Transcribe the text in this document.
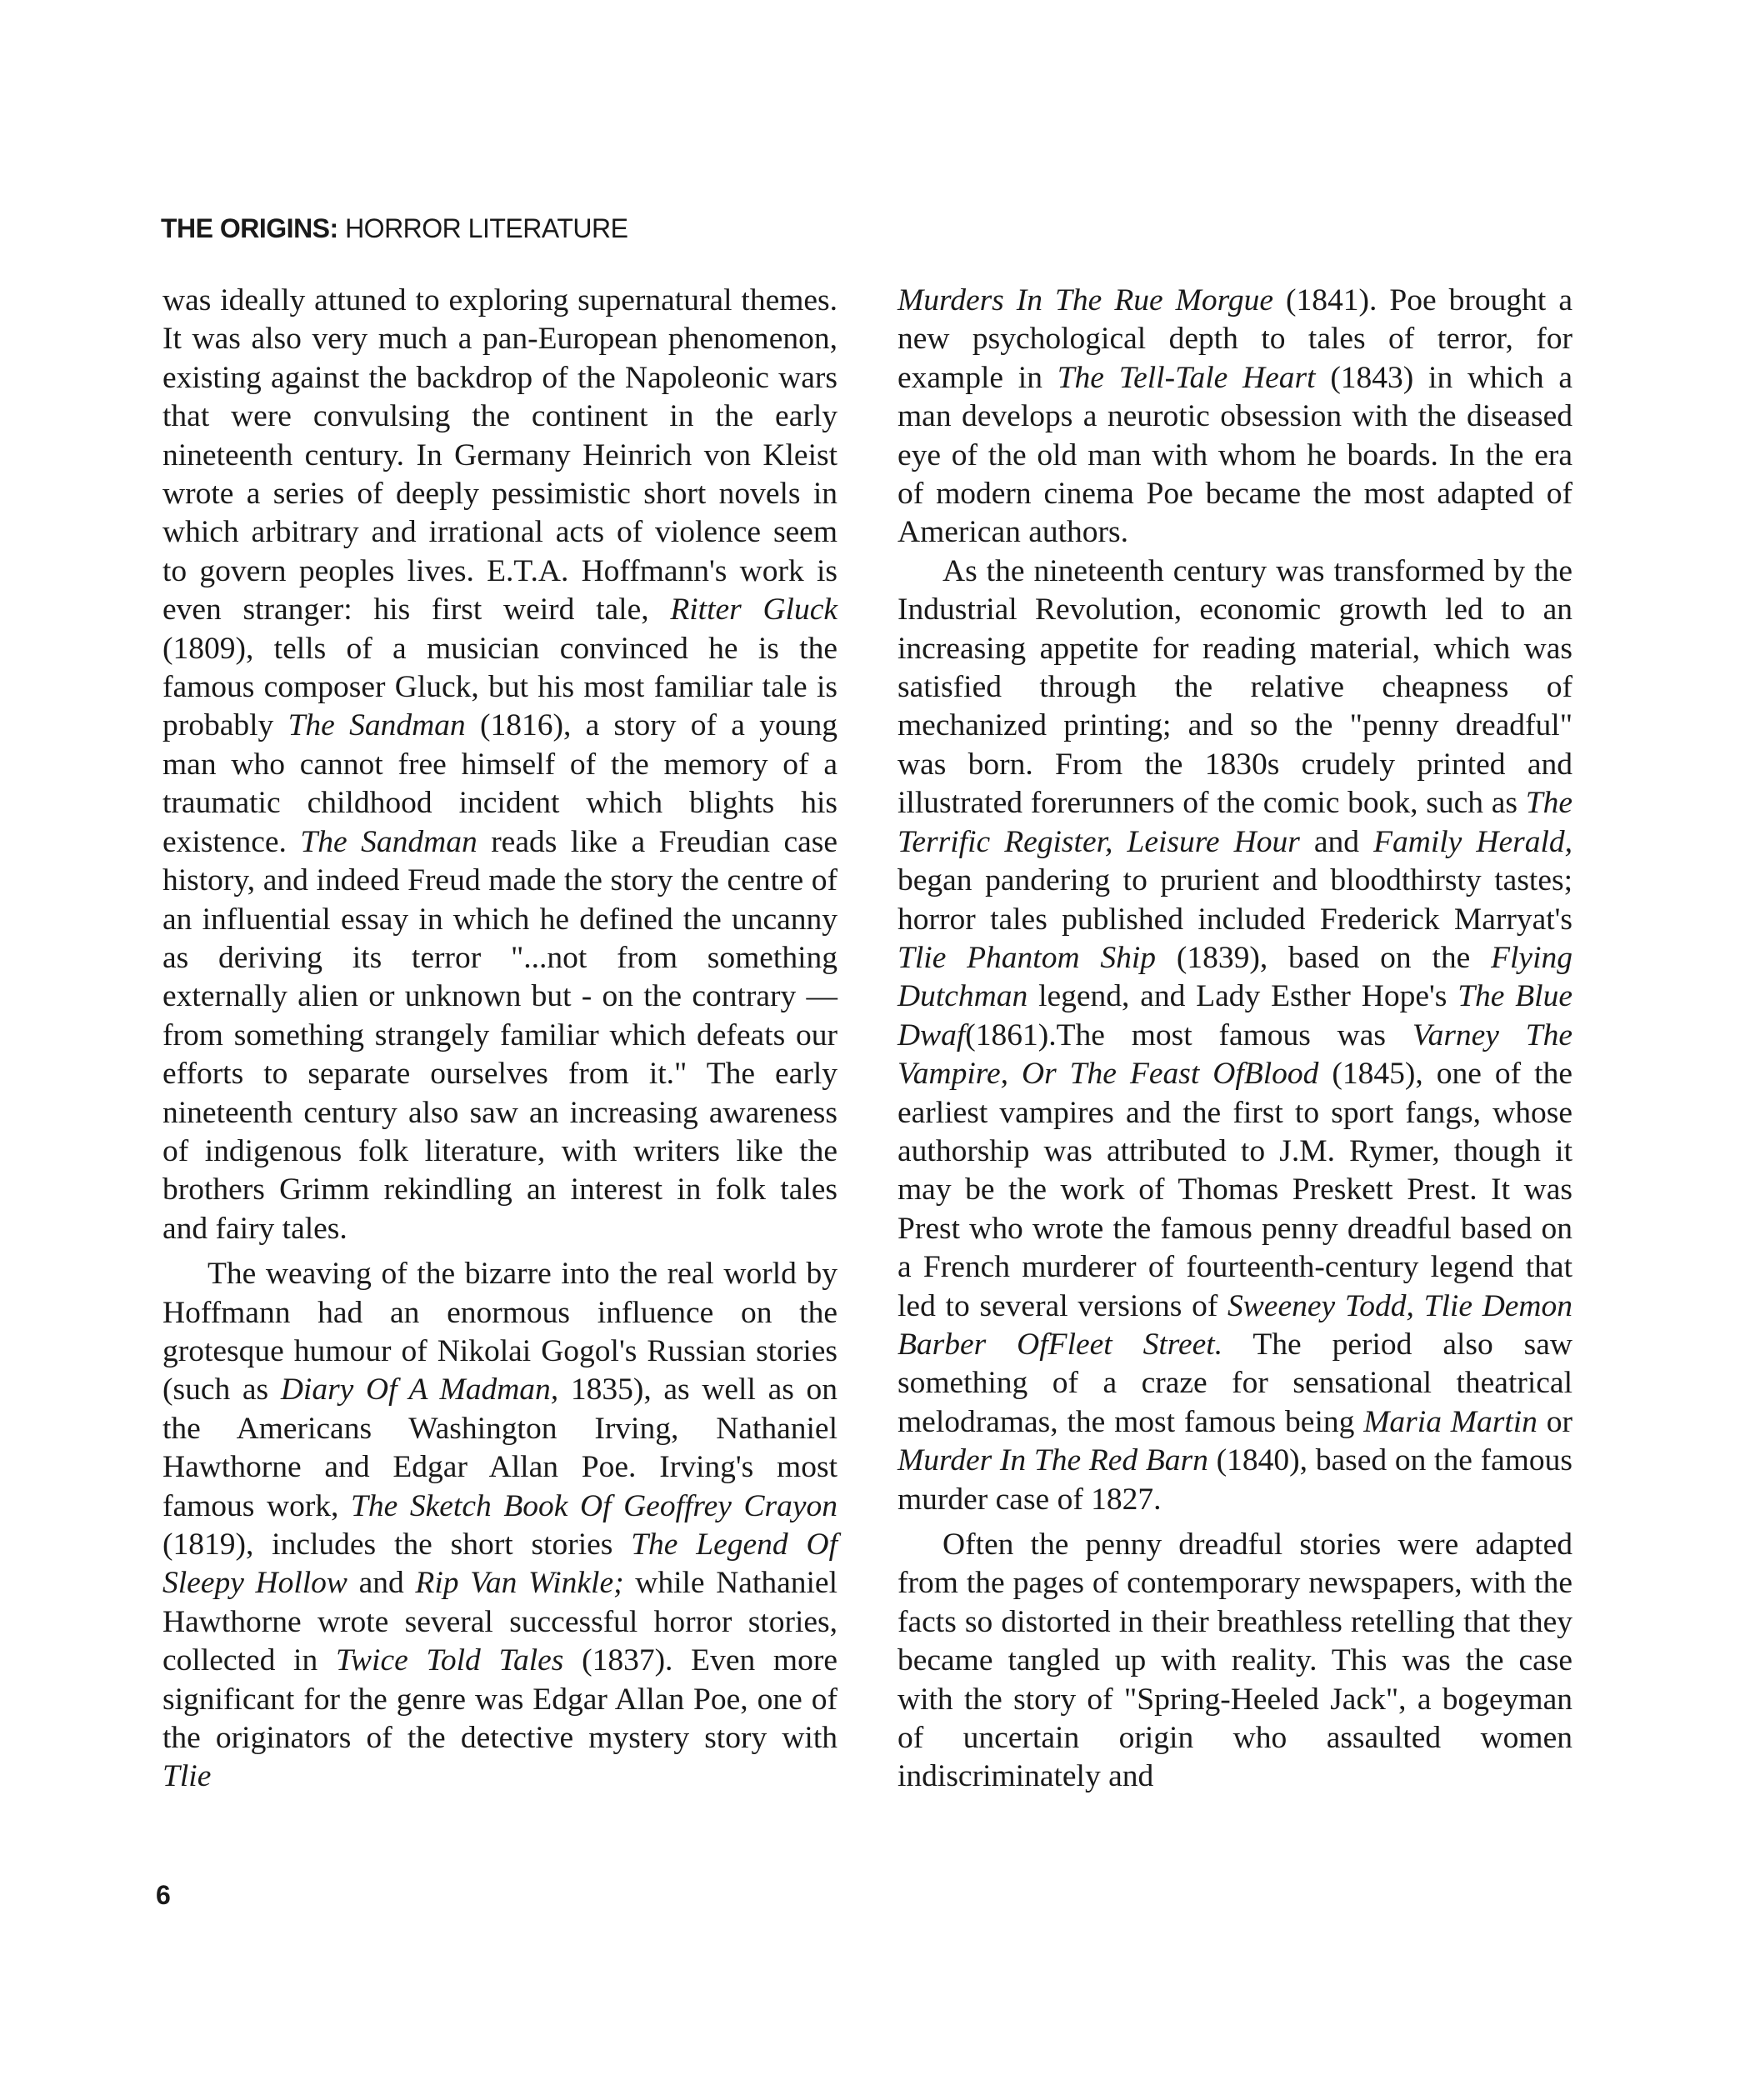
THE ORIGINS: HORROR LITERATURE

was ideally attuned to exploring supernatural themes. It was also very much a pan-European phenomenon, existing against the backdrop of the Napoleonic wars that were convulsing the continent in the early nineteenth century. In Germany Heinrich von Kleist wrote a series of deeply pessimistic short novels in which arbitrary and irrational acts of violence seem to govern peoples lives. E.T.A. Hoffmann's work is even stranger: his first weird tale, Ritter Gluck (1809), tells of a musician convinced he is the famous composer Gluck, but his most familiar tale is probably The Sandman (1816), a story of a young man who cannot free himself of the memory of a traumatic childhood incident which blights his existence. The Sandman reads like a Freudian case history, and indeed Freud made the story the centre of an influential essay in which he defined the uncanny as deriving its terror "...not from something externally alien or unknown but - on the contrary — from something strangely familiar which defeats our efforts to separate ourselves from it." The early nineteenth century also saw an increasing awareness of indigenous folk literature, with writers like the brothers Grimm rekindling an interest in folk tales and fairy tales.

The weaving of the bizarre into the real world by Hoffmann had an enormous influence on the grotesque humour of Nikolai Gogol's Russian stories (such as Diary Of A Madman, 1835), as well as on the Americans Washington Irving, Nathaniel Hawthorne and Edgar Allan Poe. Irving's most famous work, The Sketch Book Of Geoffrey Crayon (1819), includes the short stories The Legend Of Sleepy Hollow and Rip Van Winkle; while Nathaniel Hawthorne wrote several successful horror stories, collected in Twice Told Tales (1837). Even more significant for the genre was Edgar Allan Poe, one of the originators of the detective mystery story with Tlie

Murders In The Rue Morgue (1841). Poe brought a new psychological depth to tales of terror, for example in The Tell-Tale Heart (1843) in which a man develops a neurotic obsession with the diseased eye of the old man with whom he boards. In the era of modern cinema Poe became the most adapted of American authors.

As the nineteenth century was transformed by the Industrial Revolution, economic growth led to an increasing appetite for reading material, which was satisfied through the relative cheapness of mechanized printing; and so the "penny dreadful" was born. From the 1830s crudely printed and illustrated forerunners of the comic book, such as The Terrific Register, Leisure Hour and Family Herald, began pandering to prurient and bloodthirsty tastes; horror tales published included Frederick Marryat's Tlie Phantom Ship (1839), based on the Flying Dutchman legend, and Lady Esther Hope's The Blue Dwaf(1861).The most famous was Varney The Vampire, Or The Feast OfBlood (1845), one of the earliest vampires and the first to sport fangs, whose authorship was attributed to J.M. Rymer, though it may be the work of Thomas Preskett Prest. It was Prest who wrote the famous penny dreadful based on a French murderer of fourteenth-century legend that led to several versions of Sweeney Todd, Tlie Demon Barber OfFleet Street. The period also saw something of a craze for sensational theatrical melodramas, the most famous being Maria Martin or Murder In The Red Barn (1840), based on the famous murder case of 1827.

Often the penny dreadful stories were adapted from the pages of contemporary newspapers, with the facts so distorted in their breathless retelling that they became tangled up with reality. This was the case with the story of "Spring-Heeled Jack", a bogeyman of uncertain origin who assaulted women indiscriminately and

6
